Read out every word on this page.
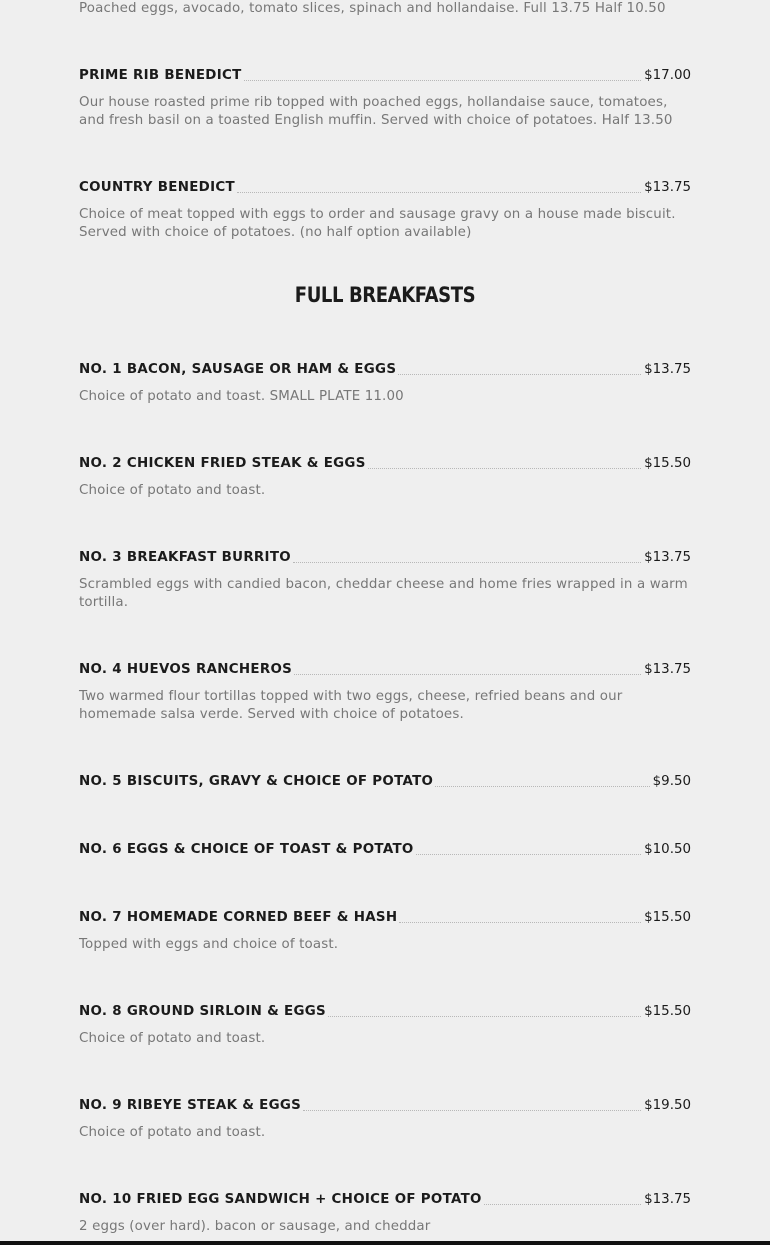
Poached eggs, avocado, tomato slices, spinach and hollandaise. Full 13.75 Half 10.50
PRIME RIB BENEDICT	$17.00
Our house roasted prime rib topped with poached eggs, hollandaise sauce, tomatoes, and fresh basil on a toasted English muffin. Served with choice of potatoes. Half 13.50
COUNTRY BENEDICT	$13.75
Choice of meat topped with eggs to order and sausage gravy on a house made biscuit. Served with choice of potatoes. (no half option available)
FULL BREAKFASTS
NO. 1 BACON, SAUSAGE OR HAM & EGGS	$13.75
Choice of potato and toast. SMALL PLATE 11.00
NO. 2 CHICKEN FRIED STEAK & EGGS	$15.50
Choice of potato and toast.
NO. 3 BREAKFAST BURRITO	$13.75
Scrambled eggs with candied bacon, cheddar cheese and home fries wrapped in a warm tortilla.
NO. 4 HUEVOS RANCHEROS	$13.75
Two warmed flour tortillas topped with two eggs, cheese, refried beans and our homemade salsa verde. Served with choice of potatoes.
NO. 5 BISCUITS, GRAVY & CHOICE OF POTATO	$9.50
NO. 6 EGGS & CHOICE OF TOAST & POTATO	$10.50
NO. 7 HOMEMADE CORNED BEEF & HASH	$15.50
Topped with eggs and choice of toast.
NO. 8 GROUND SIRLOIN & EGGS	$15.50
Choice of potato and toast.
NO. 9 RIBEYE STEAK & EGGS	$19.50
Choice of potato and toast.
NO. 10 FRIED EGG SANDWICH + CHOICE OF POTATO	$13.75
2 eggs (over hard). bacon or sausage, and cheddar
